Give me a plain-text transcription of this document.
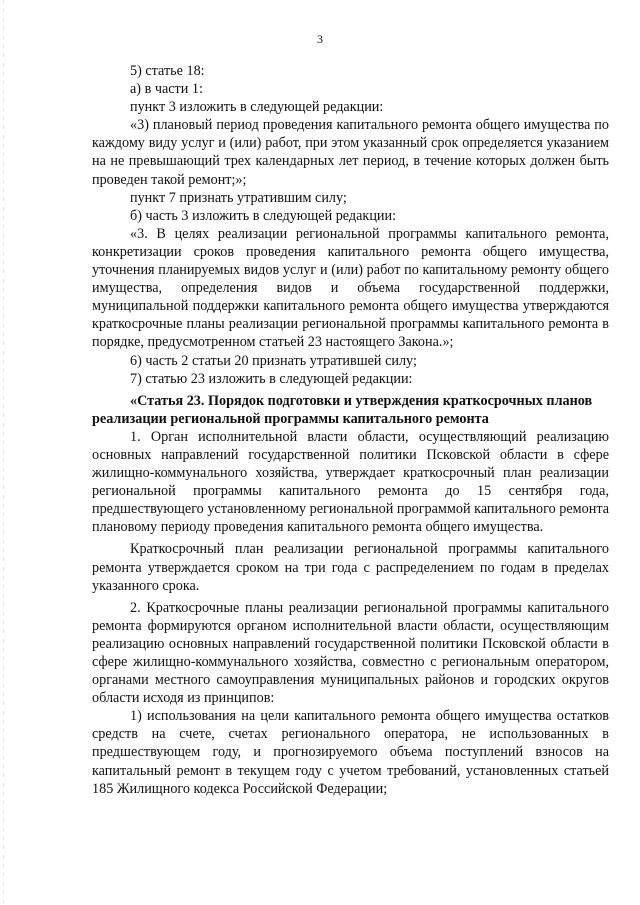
3

5) статье 18:

а) в части 1:

пункт 3 изложить в следующей редакции:

«3) плановый период проведения капитального ремонта общего имущества по каждому виду услуг и (или) работ, при этом указанный срок определяется указанием на не превышающий трех календарных лет период, в течение которых должен быть проведен такой ремонт;»;

пункт 7 признать утратившим силу;

б) часть 3 изложить в следующей редакции:

«3. В целях реализации региональной программы капитального ремонта, конкретизации сроков проведения капитального ремонта общего имущества, уточнения планируемых видов услуг и (или) работ по капитальному ремонту общего имущества, определения видов и объема государственной поддержки, муниципальной поддержки капитального ремонта общего имущества утверждаются краткосрочные планы реализации региональной программы капитального ремонта в порядке, предусмотренном статьей 23 настоящего Закона.»;

6) часть 2 статьи 20 признать утратившей силу;

7) статью 23 изложить в следующей редакции:

«Статья 23. Порядок подготовки и утверждения краткосрочных планов реализации региональной программы капитального ремонта

1. Орган исполнительной власти области, осуществляющий реализацию основных направлений государственной политики Псковской области в сфере жилищно-коммунального хозяйства, утверждает краткосрочный план реализации региональной программы капитального ремонта до 15 сентября года, предшествующего установленному региональной программой капитального ремонта плановому периоду проведения капитального ремонта общего имущества.

Краткосрочный план реализации региональной программы капитального ремонта утверждается сроком на три года с распределением по годам в пределах указанного срока.

2. Краткосрочные планы реализации региональной программы капитального ремонта формируются органом исполнительной власти области, осуществляющим реализацию основных направлений государственной политики Псковской области в сфере жилищно-коммунального хозяйства, совместно с региональным оператором, органами местного самоуправления муниципальных районов и городских округов области исходя из принципов:

1) использования на цели капитального ремонта общего имущества остатков средств на счете, счетах регионального оператора, не использованных в предшествующем году, и прогнозируемого объема поступлений взносов на капитальный ремонт в текущем году с учетом требований, установленных статьей 185 Жилищного кодекса Российской Федерации;
